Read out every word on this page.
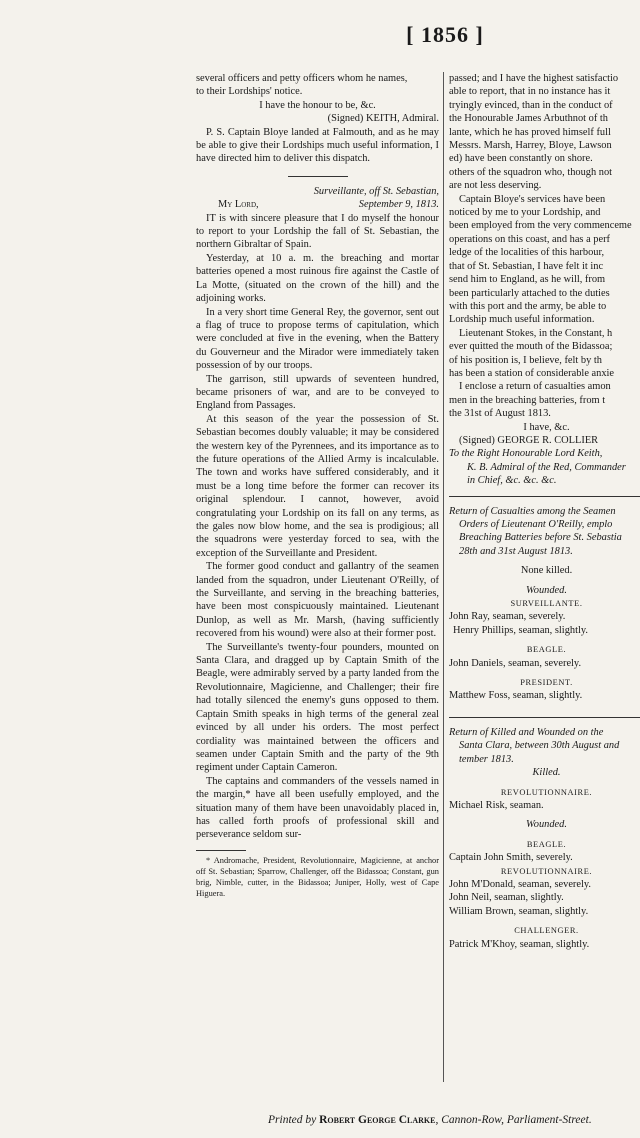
[ 1856 ]

several officers and petty officers whom he names,

to their Lordships' notice.

I have the honour to be, &c.

(Signed) KEITH, Admiral.

P. S. Captain Bloye landed at Falmouth, and as he may be able to give their Lordships much useful information, I have directed him to deliver this dispatch.

Surveillante, off St. Sebastian,

My Lord,	September 9, 1813.

IT is with sincere pleasure that I do myself the honour to report to your Lordship the fall of St. Sebastian, the northern Gibraltar of Spain.

Yesterday, at 10 a. m. the breaching and mortar batteries opened a most ruinous fire against the Castle of La Motte, (situated on the crown of the hill) and the adjoining works.

In a very short time General Rey, the governor, sent out a flag of truce to propose terms of capitulation, which were concluded at five in the evening, when the Battery du Gouverneur and the Mirador were immediately taken possession of by our troops.

The garrison, still upwards of seventeen hundred, became prisoners of war, and are to be conveyed to England from Passages.

At this season of the year the possession of St. Sebastian becomes doubly valuable; it may be considered the western key of the Pyrennees, and its importance as to the future operations of the Allied Army is incalculable. The town and works have suffered considerably, and it must be a long time before the former can recover its original splendour. I cannot, however, avoid congratulating your Lordship on its fall on any terms, as the gales now blow home, and the sea is prodigious; all the squadrons were yesterday forced to sea, with the exception of the Surveillante and President.

The former good conduct and gallantry of the seamen landed from the squadron, under Lieutenant O'Reilly, of the Surveillante, and serving in the breaching batteries, have been most conspicuously maintained. Lieutenant Dunlop, as well as Mr. Marsh, (having sufficiently recovered from his wound) were also at their former post.

The Surveillante's twenty-four pounders, mounted on Santa Clara, and dragged up by Captain Smith of the Beagle, were admirably served by a party landed from the Revolutionnaire, Magicienne, and Challenger; their fire had totally silenced the enemy's guns opposed to them. Captain Smith speaks in high terms of the general zeal evinced by all under his orders. The most perfect cordiality was maintained between the officers and seamen under Captain Smith and the party of the 9th regiment under Captain Cameron.

The captains and commanders of the vessels named in the margin,* have all been usefully employed, and the situation many of them have been unavoidably placed in, has called forth proofs of professional skill and perseverance seldom sur-

* Andromache, President, Revolutionnaire, Magicienne, at anchor off St. Sebastian; Sparrow, Challenger, off the Bidassoa; Constant, gun brig, Nimble, cutter, in the Bidassoa; Juniper, Holly, west of Cape Higuera.

passed; and I have the highest satisfactio

able to report, that in no instance has it

tryingly evinced, than in the conduct of

the Honourable James Arbuthnot of th

lante, which he has proved himself full

Messrs. Marsh, Harrey, Bloye, Lawson

ed) have been constantly on shore.

others of the squadron who, though not

are not less deserving.

Captain Bloye's services have been

noticed by me to your Lordship, and

been employed from the very commenceme

operations on this coast, and has a perf

ledge of the localities of this harbour,

that of St. Sebastian, I have felt it inc

send him to England, as he will, from

been particularly attached to the duties

with this port and the army, be able to

Lordship much useful information.

Lieutenant Stokes, in the Constant, h

ever quitted the mouth of the Bidassoa;

of his position is, I believe, felt by th

has been a station of considerable anxie

I enclose a return of casualties amon

men in the breaching batteries, from t

the 31st of August 1813.

I have, &c.

(Signed) GEORGE R. COLLIER

To the Right Honourable Lord Keith,

K. B. Admiral of the Red, Commander

in Chief, &c. &c. &c.

Return of Casualties among the Seamen

Orders of Lieutenant O'Reilly, emplo

Breaching Batteries before St. Sebastia

28th and 31st August 1813.

None killed.

Wounded.

SURVEILLANTE.

John Ray, seaman, severely.

Henry Phillips, seaman, slightly.

BEAGLE.

John Daniels, seaman, severely.

PRESIDENT.

Matthew Foss, seaman, slightly.

Return of Killed and Wounded on the

Santa Clara, between 30th August and

tember 1813.

Killed.

REVOLUTIONNAIRE.

Michael Risk, seaman.

Wounded.

BEAGLE.

Captain John Smith, severely.

REVOLUTIONNAIRE.

John M'Donald, seaman, severely.

John Neil, seaman, slightly.

William Brown, seaman, slightly.

CHALLENGER.

Patrick M'Khoy, seaman, slightly.

Printed by Robert George Clarke, Cannon-Row, Parliament-Street.
